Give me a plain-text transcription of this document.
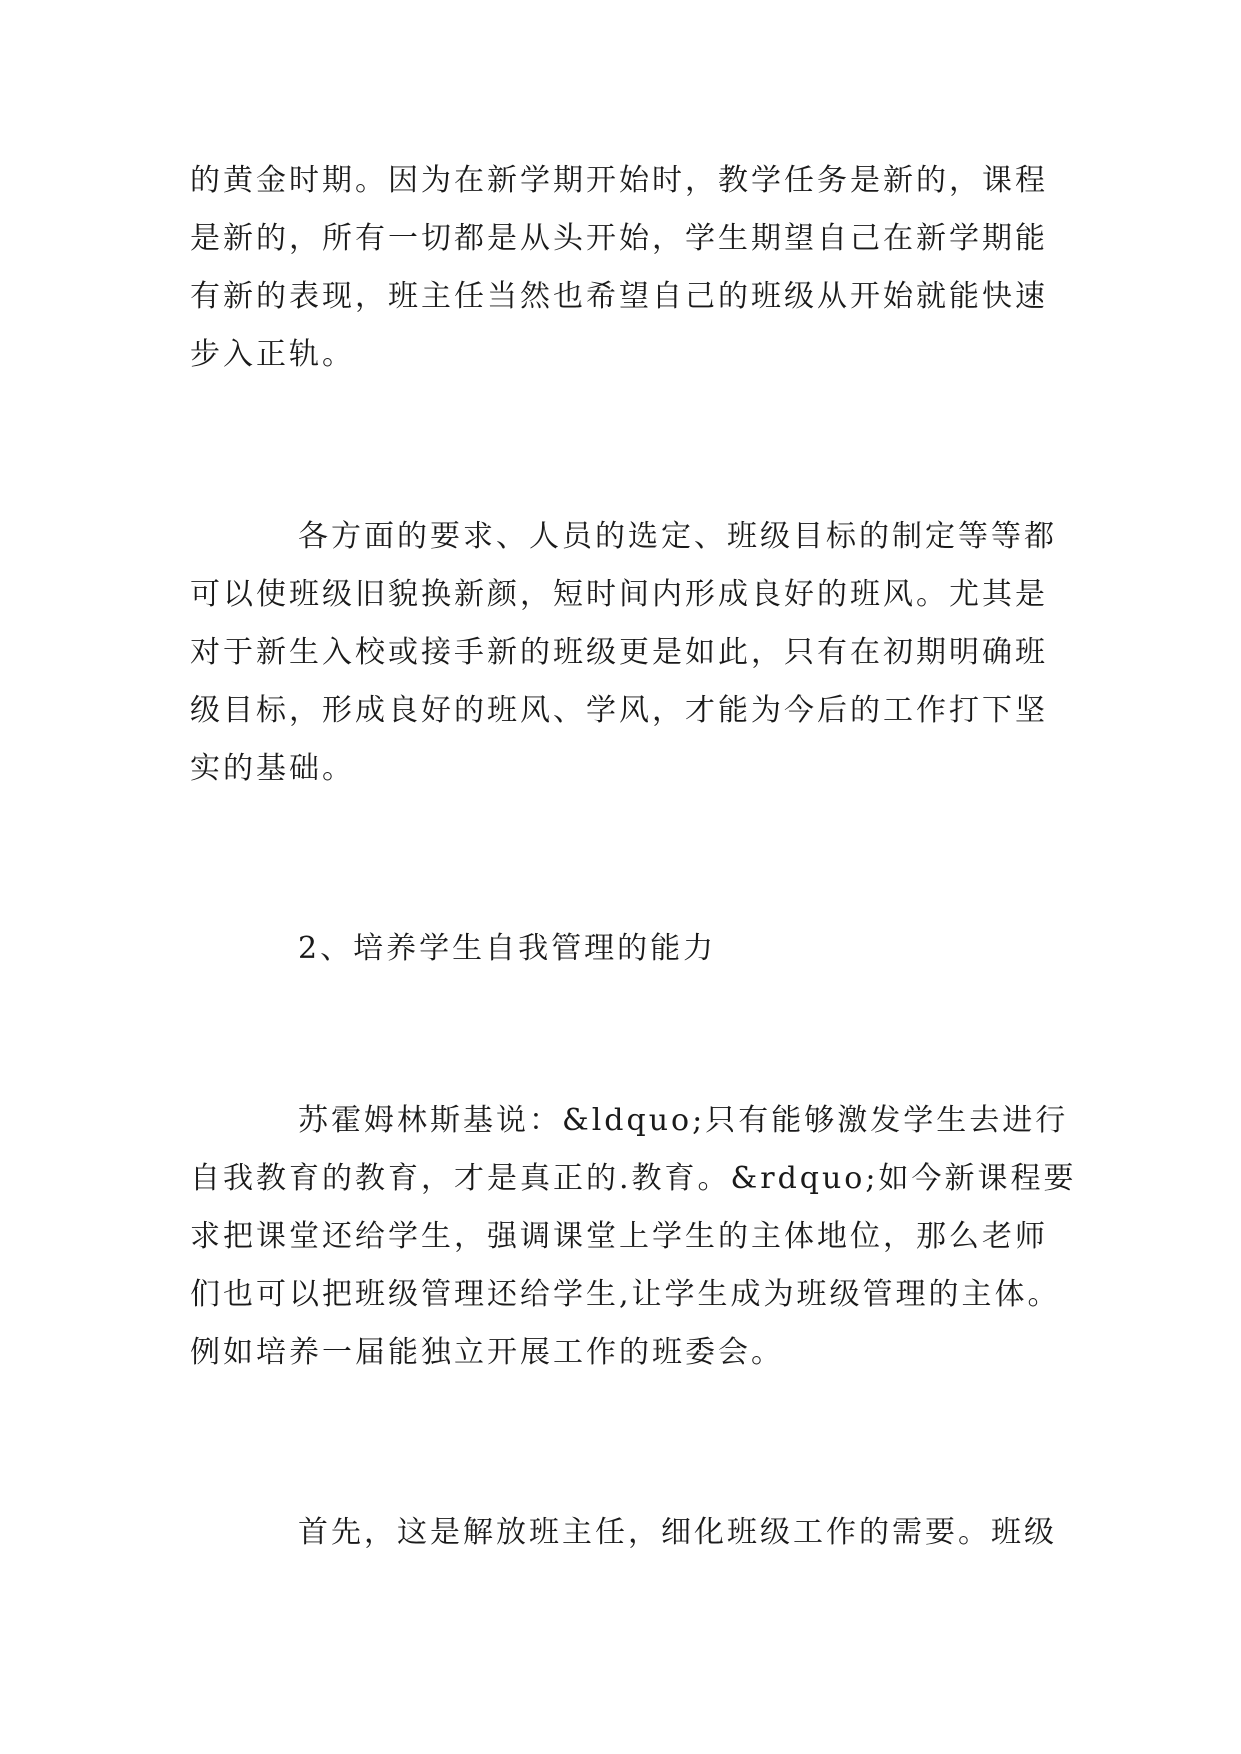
的黄金时期。因为在新学期开始时，教学任务是新的，课程
是新的，所有一切都是从头开始，学生期望自己在新学期能
有新的表现，班主任当然也希望自己的班级从开始就能快速
步入正轨。

各方面的要求、人员的选定、班级目标的制定等等都
可以使班级旧貌换新颜，短时间内形成良好的班风。尤其是
对于新生入校或接手新的班级更是如此，只有在初期明确班
级目标，形成良好的班风、学风，才能为今后的工作打下坚
实的基础。

2、培养学生自我管理的能力

苏霍姆林斯基说：&ldquo;只有能够激发学生去进行
自我教育的教育，才是真正的.教育。&rdquo;如今新课程要
求把课堂还给学生，强调课堂上学生的主体地位，那么老师
们也可以把班级管理还给学生,让学生成为班级管理的主体。
例如培养一届能独立开展工作的班委会。

首先，这是解放班主任，细化班级工作的需要。班级
